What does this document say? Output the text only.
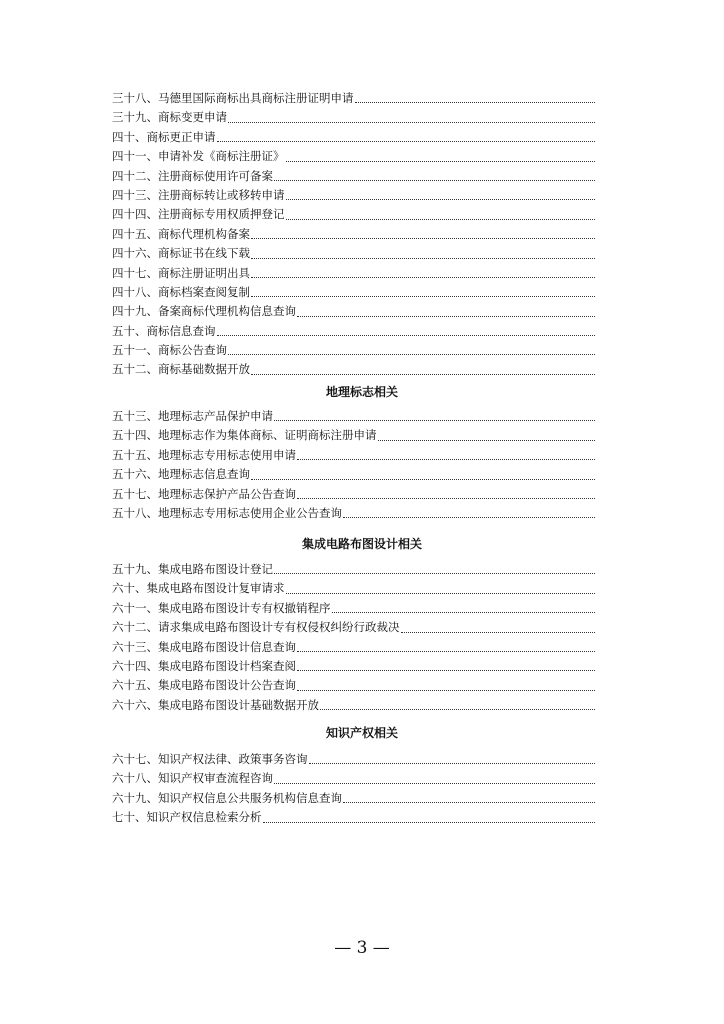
三十八、马德里国际商标出具商标注册证明申请
三十九、商标变更申请
四十、商标更正申请
四十一、申请补发《商标注册证》
四十二、注册商标使用许可备案
四十三、注册商标转让或移转申请
四十四、注册商标专用权质押登记
四十五、商标代理机构备案
四十六、商标证书在线下载
四十七、商标注册证明出具
四十八、商标档案查阅复制
四十九、备案商标代理机构信息查询
五十、商标信息查询
五十一、商标公告查询
五十二、商标基础数据开放
地理标志相关
五十三、地理标志产品保护申请
五十四、地理标志作为集体商标、证明商标注册申请
五十五、地理标志专用标志使用申请
五十六、地理标志信息查询
五十七、地理标志保护产品公告查询
五十八、地理标志专用标志使用企业公告查询
集成电路布图设计相关
五十九、集成电路布图设计登记
六十、集成电路布图设计复审请求
六十一、集成电路布图设计专有权撤销程序
六十二、请求集成电路布图设计专有权侵权纠纷行政裁决
六十三、集成电路布图设计信息查询
六十四、集成电路布图设计档案查阅
六十五、集成电路布图设计公告查询
六十六、集成电路布图设计基础数据开放
知识产权相关
六十七、知识产权法律、政策事务咨询
六十八、知识产权审查流程咨询
六十九、知识产权信息公共服务机构信息查询
七十、知识产权信息检索分析
— 3 —
